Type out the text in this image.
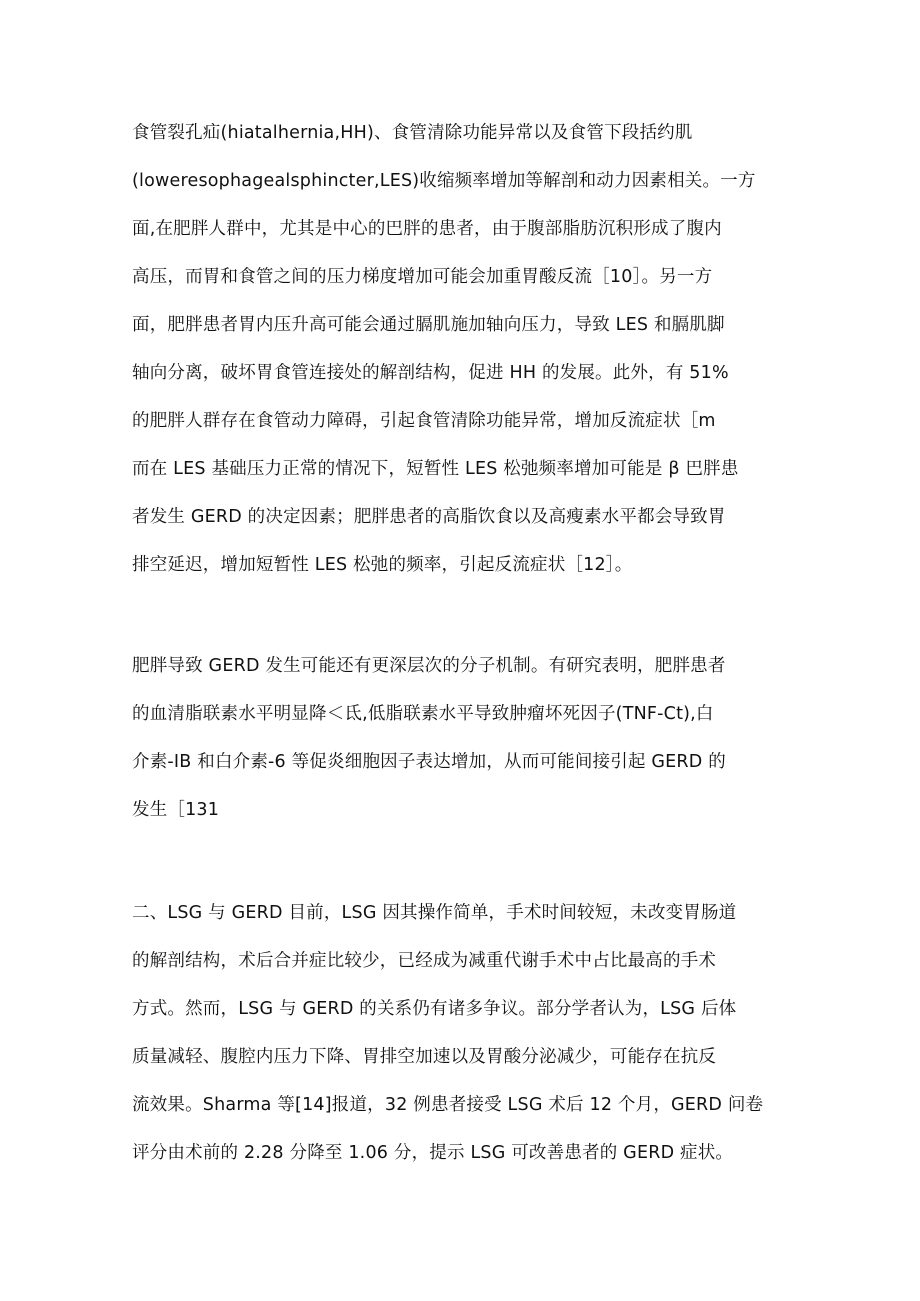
食管裂孔疝(hiatalhernia,HH)、食管清除功能异常以及食管下段括约肌
(loweresophagealsphincter,LES)收缩频率增加等解剖和动力因素相关。一方
面,在肥胖人群中，尤其是中心的巴胖的患者，由于腹部脂肪沉积形成了腹内
高压，而胃和食管之间的压力梯度增加可能会加重胃酸反流［10］。另一方
面，肥胖患者胃内压升高可能会通过膈肌施加轴向压力，导致 LES 和膈肌脚
轴向分离，破坏胃食管连接处的解剖结构，促进 HH 的发展。此外，有 51%
的肥胖人群存在食管动力障碍，引起食管清除功能异常，增加反流症状［m
而在 LES 基础压力正常的情况下，短暂性 LES 松弛频率增加可能是 β 巴胖患
者发生 GERD 的决定因素；肥胖患者的高脂饮食以及高瘦素水平都会导致胃
排空延迟，增加短暂性 LES 松弛的频率，引起反流症状［12］。
肥胖导致 GERD 发生可能还有更深层次的分子机制。有研究表明，肥胖患者
的血清脂联素水平明显降＜氐,低脂联素水平导致肿瘤坏死因子(TNF-Ct),白
介素-IB 和白介素-6 等促炎细胞因子表达增加，从而可能间接引起 GERD 的
发生［131
二、LSG 与 GERD 目前，LSG 因其操作简单，手术时间较短，未改变胃肠道
的解剖结构，术后合并症比较少，已经成为减重代谢手术中占比最高的手术
方式。然而，LSG 与 GERD 的关系仍有诸多争议。部分学者认为，LSG 后体
质量减轻、腹腔内压力下降、胃排空加速以及胃酸分泌减少，可能存在抗反
流效果。Sharma 等[14]报道，32 例患者接受 LSG 术后 12 个月，GERD 问卷
评分由术前的 2.28 分降至 1.06 分，提示 LSG 可改善患者的 GERD 症状。
